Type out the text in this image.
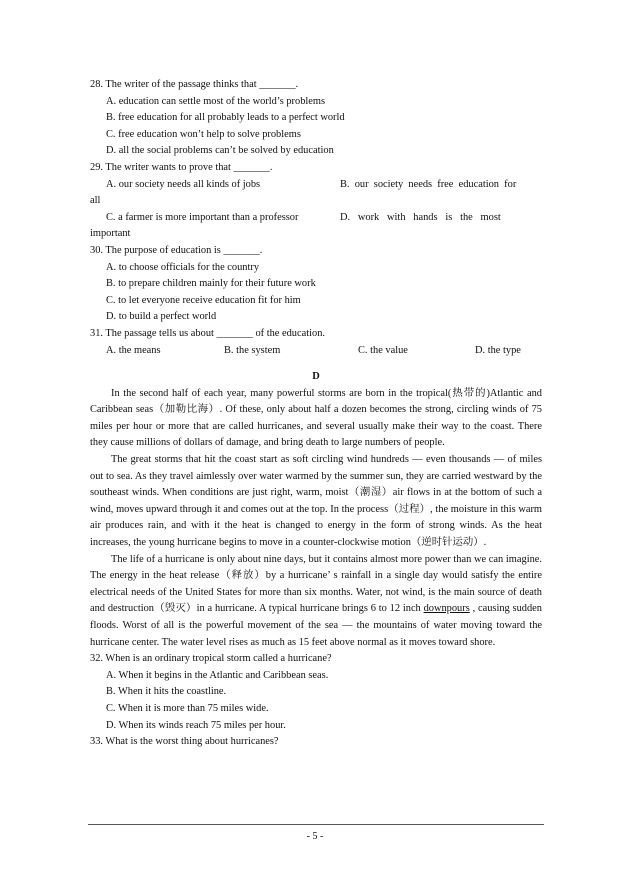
28. The writer of the passage thinks that _______.
A. education can settle most of the world’s problems
B. free education for all probably leads to a perfect world
C. free education won’t help to solve problems
D. all the social problems can’t be solved by education
29. The writer wants to prove that _______.
A. our society needs all kinds of jobs	B.  our  society  needs  free  education  for
all
C. a farmer is more important than a professor	D.   work   with   hands   is   the   most
important
30. The purpose of education is _______.
A. to choose officials for the country
B. to prepare children mainly for their future work
C. to let everyone receive education fit for him
D. to build a perfect world
31. The passage tells us about _______ of the education.
A. the means	B. the system	C. the value	D. the type
D
In the second half of each year, many powerful storms are born in the tropical(热带的)Atlantic and Caribbean seas（加勒比海）. Of these, only about half a dozen becomes the strong, circling winds of 75 miles per hour or more that are called hurricanes, and several usually make their way to the coast. There they cause millions of dollars of damage, and bring death to large numbers of people.
The great storms that hit the coast start as soft circling wind hundreds — even thousands — of miles out to sea. As they travel aimlessly over water warmed by the summer sun, they are carried westward by the southeast winds. When conditions are just right, warm, moist（潮湿）air flows in at the bottom of such a wind, moves upward through it and comes out at the top. In the process（过程）, the moisture in this warm air produces rain, and with it the heat is changed to energy in the form of strong winds. As the heat increases, the young hurricane begins to move in a counter-clockwise motion（逆时针运动）.
The life of a hurricane is only about nine days, but it contains almost more power than we can imagine. The energy in the heat release（释放）by a hurricane’ s rainfall in a single day would satisfy the entire electrical needs of the United States for more than six months. Water, not wind, is the main source of death and destruction（毁灭）in a hurricane. A typical hurricane brings 6 to 12 inch downpours , causing sudden floods. Worst of all is the powerful movement of the sea — the mountains of water moving toward the hurricane center. The water level rises as much as 15 feet above normal as it moves toward shore.
32. When is an ordinary tropical storm called a hurricane?
A. When it begins in the Atlantic and Caribbean seas.
B. When it hits the coastline.
C. When it is more than 75 miles wide.
D. When its winds reach 75 miles per hour.
33. What is the worst thing about hurricanes?
- 5 -
